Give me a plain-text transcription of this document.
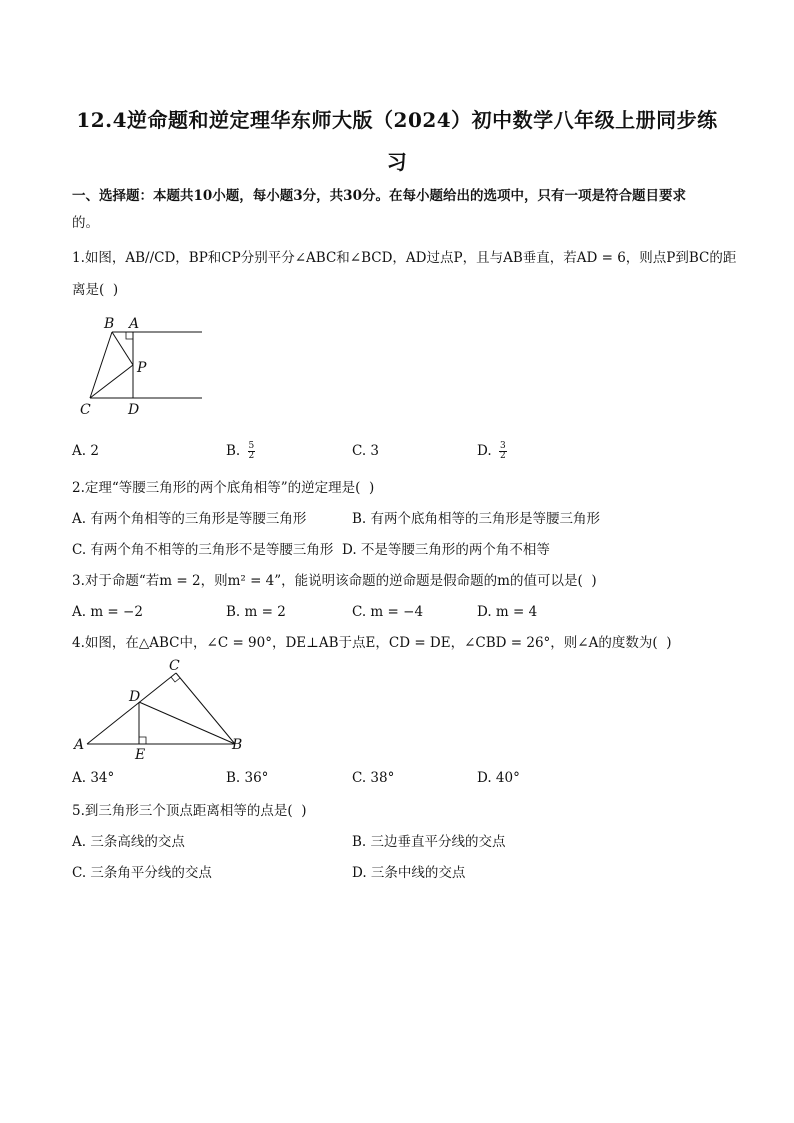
12.4逆命题和逆定理华东师大版（2024）初中数学八年级上册同步练
习
一、选择题：本题共10小题，每小题3分，共30分。在每小题给出的选项中，只有一项是符合题目要求
的。
1.如图，AB//CD，BP和CP分别平分∠ABC和∠BCD，AD过点P，且与AB垂直，若AD = 6，则点P到BC的距
离是(  )
B A
P
C	D
A. 2	B. $\frac{5}{2}$	C. 3	D. $\frac{3}{2}$
2.定理“等腰三角形的两个底角相等”的逆定理是(  )
A. 有两个角相等的三角形是等腰三角形	B. 有两个底角相等的三角形是等腰三角形
C. 有两个角不相等的三角形不是等腰三角形 D. 不是等腰三角形的两个角不相等
3.对于命题“若m = 2，则m² = 4”，能说明该命题的逆命题是假命题的m的值可以是(  )
A. m = −2	B. m = 2	C. m = −4	D. m = 4
4.如图，在△ABC中，∠C = 90°，DE⊥AB于点E，CD = DE，∠CBD = 26°，则∠A的度数为(  )
C
D
A
E
B
A. 34°	B. 36°	C. 38°	D. 40°
5.到三角形三个顶点距离相等的点是(  )
A. 三条高线的交点	B. 三边垂直平分线的交点
C. 三条角平分线的交点	D. 三条中线的交点
